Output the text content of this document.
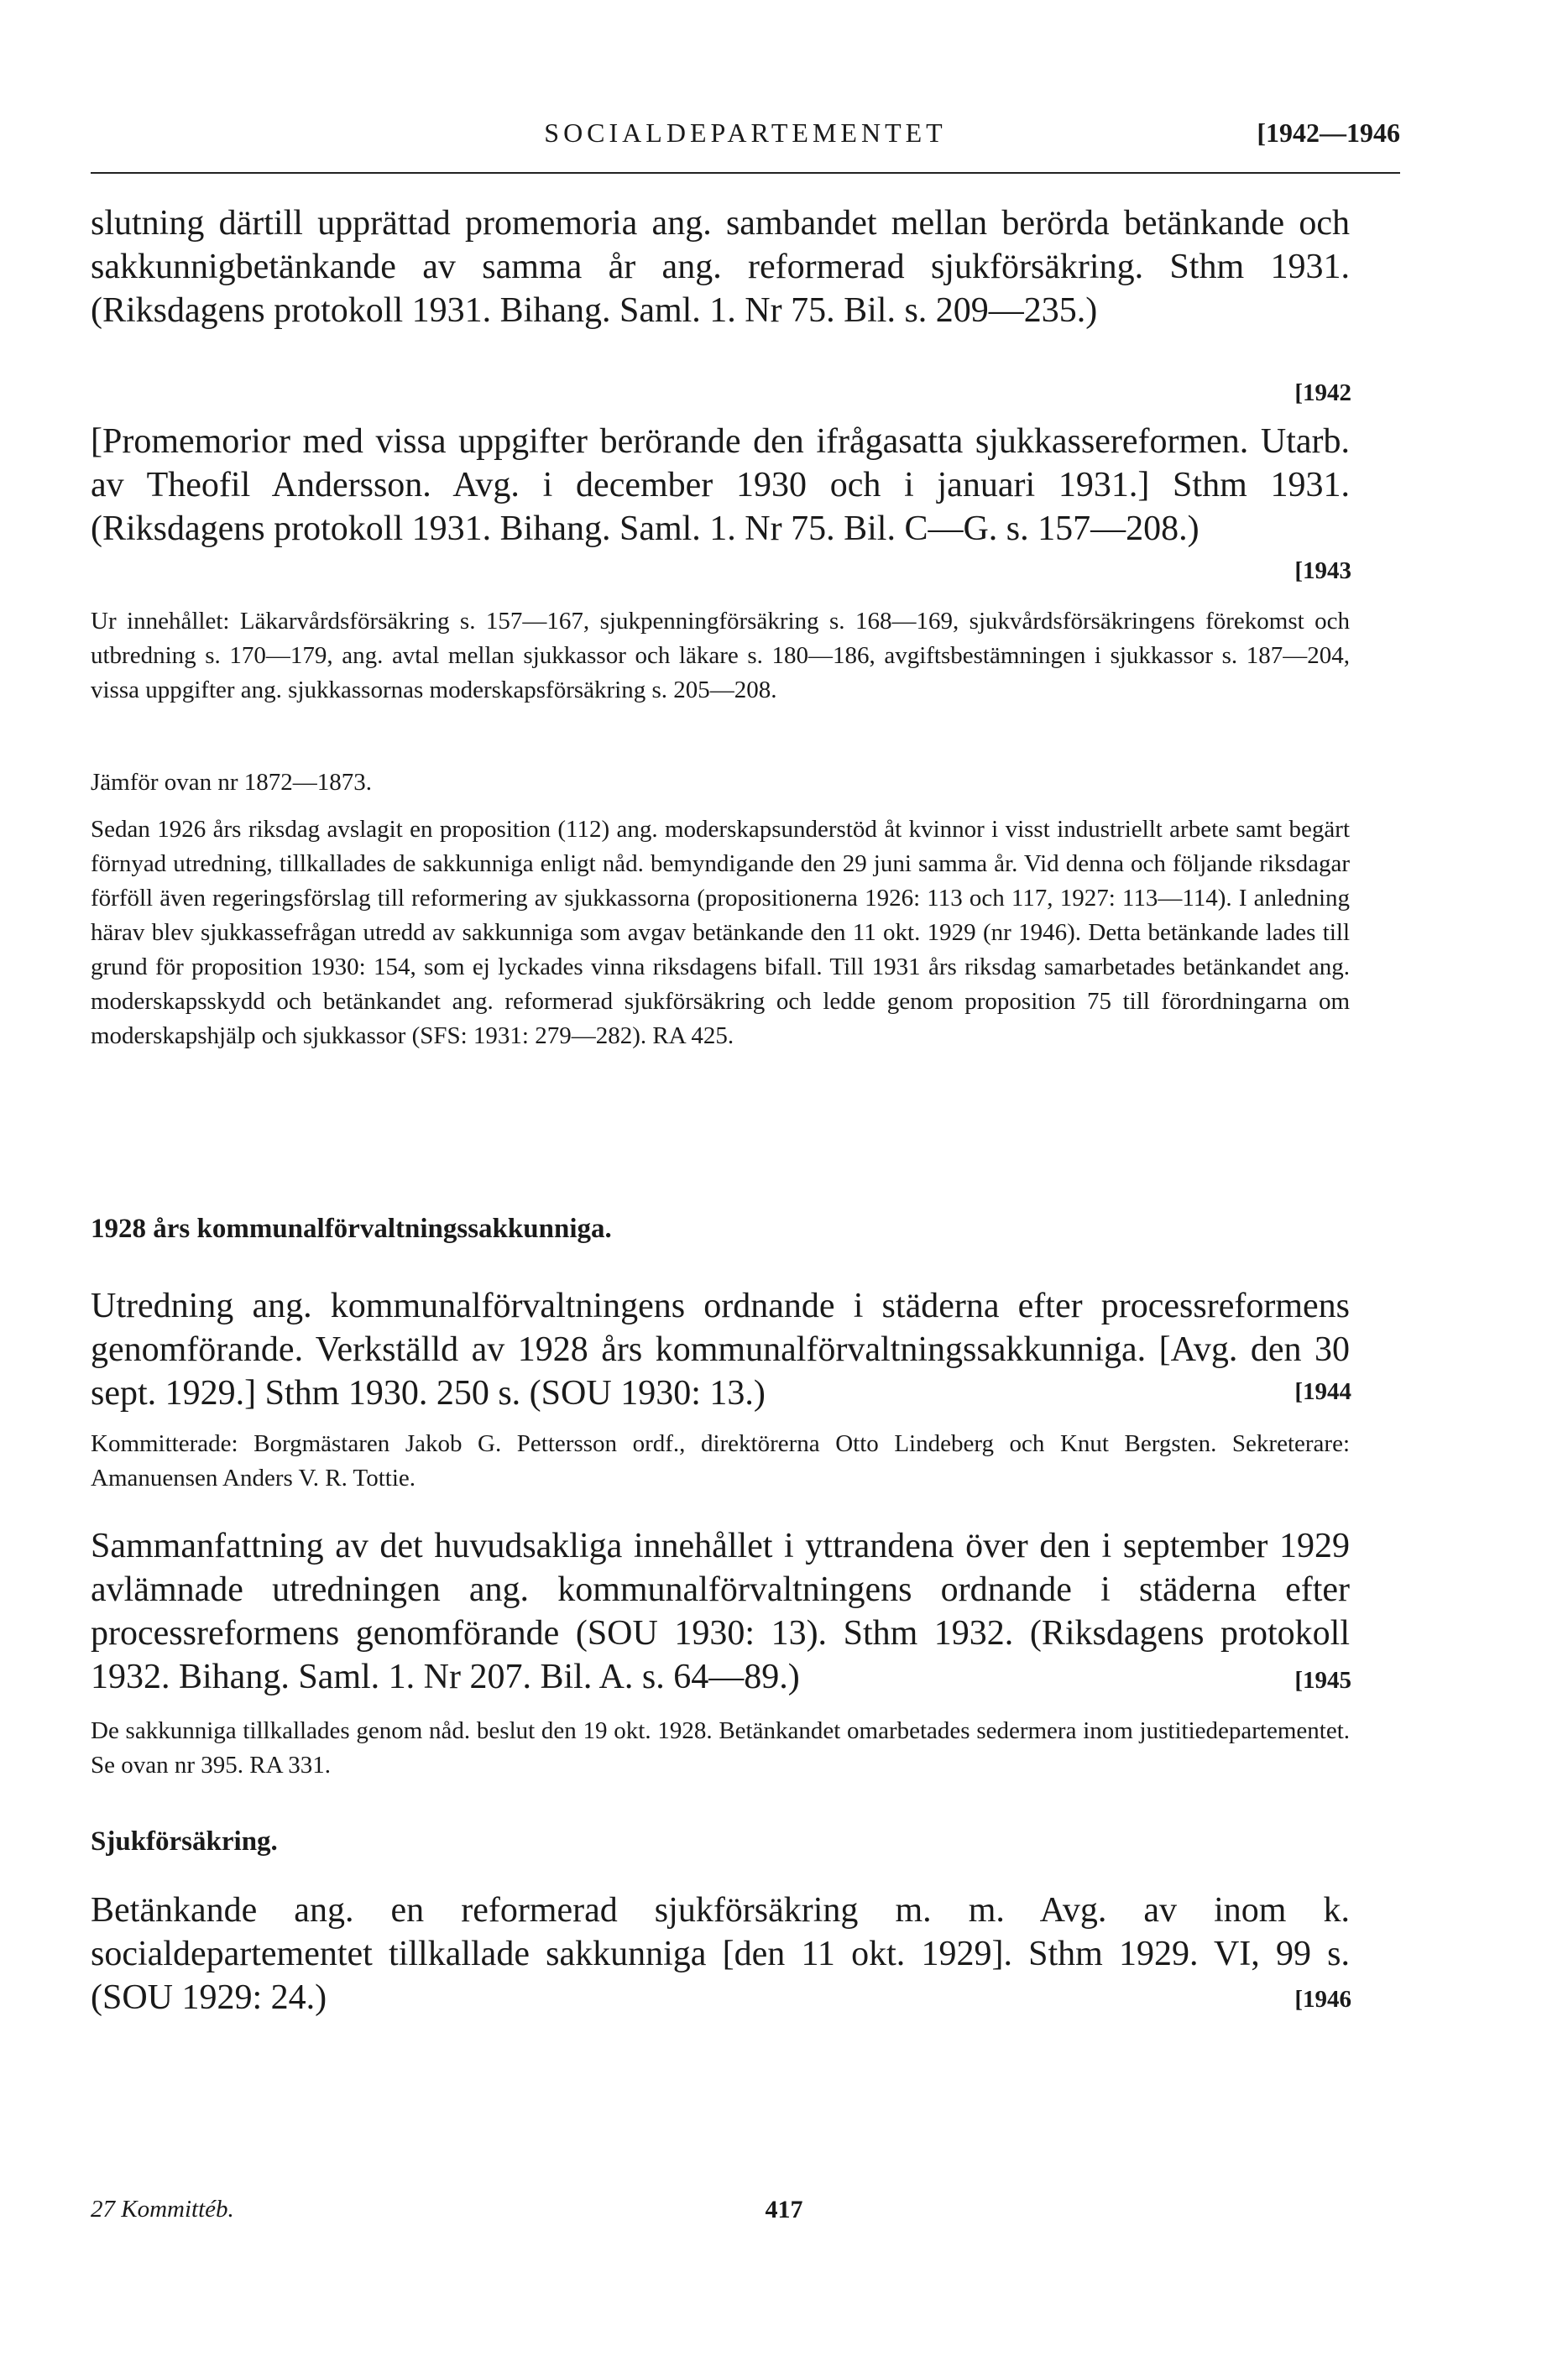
SOCIALDEPARTEMENTET	[1942—1946
slutning därtill upprättad promemoria ang. sambandet mellan berörda betänkande och sakkunnigbetänkande av samma år ang. reformerad sjukförsäkring. Sthm 1931. (Riksdagens protokoll 1931. Bihang. Saml. 1. Nr 75. Bil. s. 209—235.)
[1942
[Promemorior med vissa uppgifter berörande den ifrågasatta sjukkassereformen. Utarb. av Theofil Andersson. Avg. i december 1930 och i januari 1931.] Sthm 1931. (Riksdagens protokoll 1931. Bihang. Saml. 1. Nr 75. Bil. C—G. s. 157—208.)
[1943
Ur innehållet: Läkarvårdsförsäkring s. 157—167, sjukpenningförsäkring s. 168—169, sjukvårdsförsäkringens förekomst och utbredning s. 170—179, ang. avtal mellan sjukkassor och läkare s. 180—186, avgiftsbestämningen i sjukkassor s. 187—204, vissa uppgifter ang. sjukkassornas moderskapsförsäkring s. 205—208.
Jämför ovan nr 1872—1873.
Sedan 1926 års riksdag avslagit en proposition (112) ang. moderskapsunderstöd åt kvinnor i visst industriellt arbete samt begärt förnyad utredning, tillkallades de sakkunniga enligt nåd. bemyndigande den 29 juni samma år. Vid denna och följande riksdagar förföll även regeringsförslag till reformering av sjukkassorna (propositionerna 1926: 113 och 117, 1927: 113—114). I anledning härav blev sjukkassefrågan utredd av sakkunniga som avgav betänkande den 11 okt. 1929 (nr 1946). Detta betänkande lades till grund för proposition 1930: 154, som ej lyckades vinna riksdagens bifall. Till 1931 års riksdag samarbetades betänkandet ang. moderskapsskydd och betänkandet ang. reformerad sjukförsäkring och ledde genom proposition 75 till förordningarna om moderskapshjälp och sjukkassor (SFS: 1931: 279—282). RA 425.
1928 års kommunalförvaltningssakkunniga.
Utredning ang. kommunalförvaltningens ordnande i städerna efter processreformens genomförande. Verkställd av 1928 års kommunalförvaltningssakkunniga. [Avg. den 30 sept. 1929.] Sthm 1930. 250 s. (SOU 1930: 13.)	[1944
Kommitterade: Borgmästaren Jakob G. Pettersson ordf., direktörerna Otto Lindeberg och Knut Bergsten. Sekreterare: Amanuensen Anders V. R. Tottie.
Sammanfattning av det huvudsakliga innehållet i yttrandena över den i september 1929 avlämnade utredningen ang. kommunalförvaltningens ordnande i städerna efter processreformens genomförande (SOU 1930: 13). Sthm 1932. (Riksdagens protokoll 1932. Bihang. Saml. 1. Nr 207. Bil. A. s. 64—89.)	[1945
De sakkunniga tillkallades genom nåd. beslut den 19 okt. 1928. Betänkandet omarbetades sedermera inom justitiedepartementet. Se ovan nr 395. RA 331.
Sjukförsäkring.
Betänkande ang. en reformerad sjukförsäkring m. m. Avg. av inom k. socialdepartementet tillkallade sakkunniga [den 11 okt. 1929]. Sthm 1929. VI, 99 s. (SOU 1929: 24.)	[1946
27 Kommittéb.	417
